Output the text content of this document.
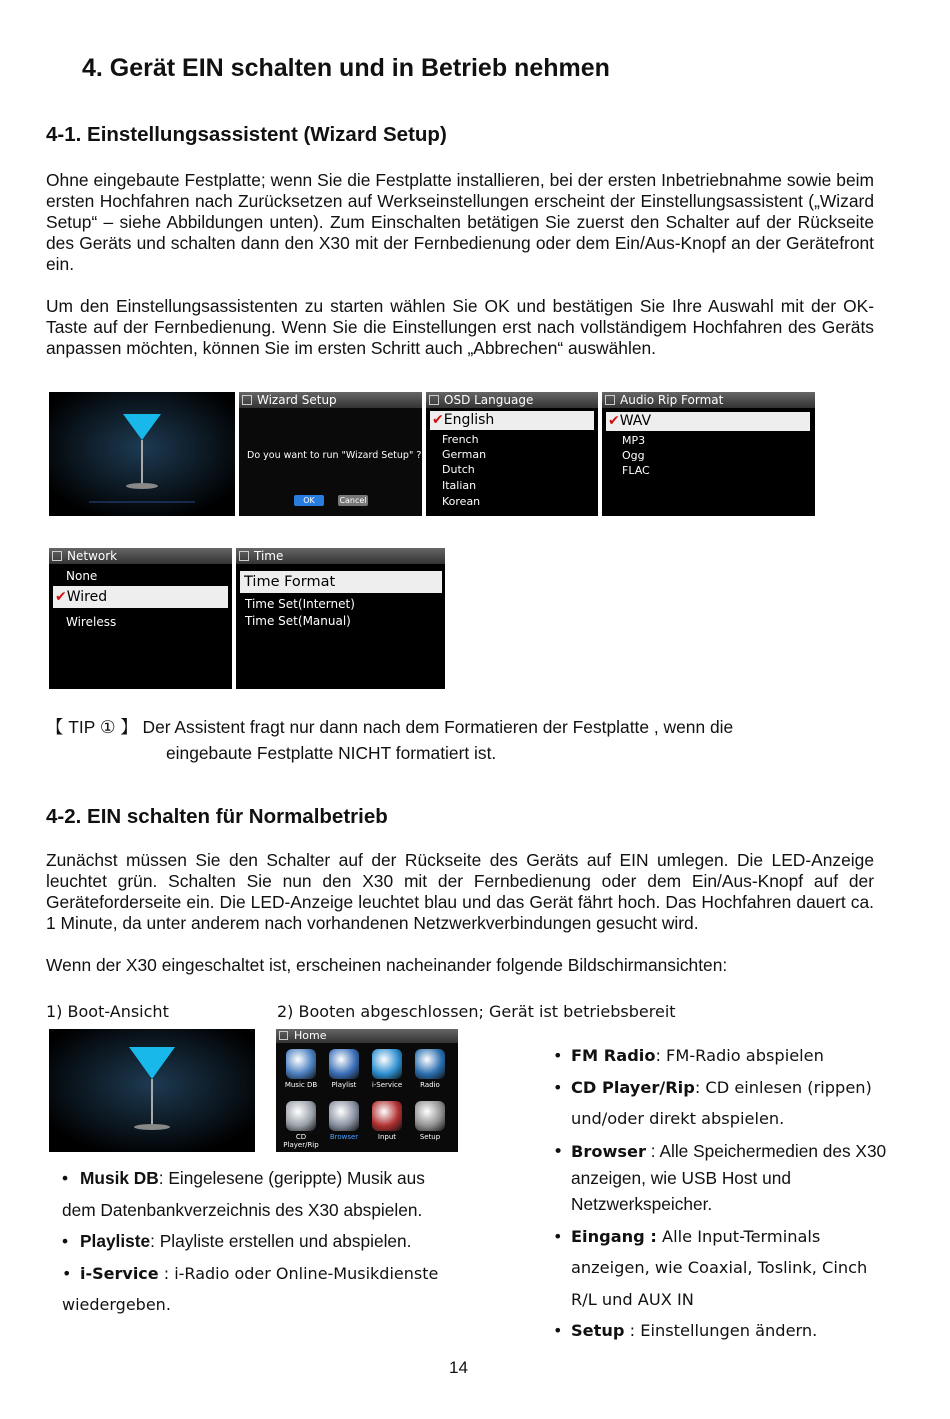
4. Gerät EIN schalten und in Betrieb nehmen
4-1. Einstellungsassistent (Wizard Setup)

Ohne eingebaute Festplatte; wenn Sie die Festplatte installieren, bei der ersten Inbetriebnahme sowie beim ersten Hochfahren nach Zurücksetzen auf Werkseinstellungen erscheint der Einstellungsassistent („Wizard Setup“ – siehe Abbildungen unten). Zum Einschalten betätigen Sie zuerst den Schalter auf der Rückseite des Geräts und schalten dann den X30 mit der Fernbedienung oder dem Ein/Aus-Knopf an der Gerätefront ein.

Um den Einstellungsassistenten zu starten wählen Sie OK und bestätigen Sie Ihre Auswahl mit der OK-Taste auf der Fernbedienung. Wenn Sie die Einstellungen erst nach vollständigem Hochfahren des Geräts anpassen möchten, können Sie im ersten Schritt auch „Abbrechen“ auswählen.

Wizard Setup
Do you want to run "Wizard Setup" ?
OK	Cancel
OSD Language
✔English
French
German
Dutch
Italian
Korean
Audio Rip Format
✔WAV
MP3
Ogg
FLAC
Network
None
✔Wired
Wireless
Time
Time Format
Time Set(Internet)
Time Set(Manual)
【 TIP ① 】 Der Assistent fragt nur dann nach dem Formatieren der Festplatte , wenn die
eingebaute Festplatte NICHT formatiert ist.
4-2. EIN schalten für Normalbetrieb

Zunächst müssen Sie den Schalter auf der Rückseite des Geräts auf EIN umlegen. Die LED-Anzeige leuchtet grün. Schalten Sie nun den X30 mit der Fernbedienung oder dem Ein/Aus-Knopf auf der Geräteforderseite ein. Die LED-Anzeige leuchtet blau und das Gerät fährt hoch. Das Hochfahren dauert ca. 1 Minute, da unter anderem nach vorhandenen Netzwerkverbindungen gesucht wird.

Wenn der X30 eingeschaltet ist, erscheinen nacheinander folgende Bildschirmansichten:

1) Boot-Ansicht	2) Booten abgeschlossen; Gerät ist betriebsbereit
Home
Music DB	Playlist	i-Service	Radio
CD Player/Rip
Browser	Input	Setup
• Musik DB: Eingelesene (gerippte) Musik aus
dem Datenbankverzeichnis des X30 abspielen.
• Playliste: Playliste erstellen und abspielen.
• i-Service : i-Radio oder Online-Musikdienste
wiedergeben.
• FM Radio: FM-Radio abspielen
• CD Player/Rip: CD einlesen (rippen)
und/oder direkt abspielen.
• Browser : Alle Speichermedien des X30
anzeigen, wie USB Host und
Netzwerkspeicher.
• Eingang : Alle Input-Terminals
anzeigen, wie Coaxial, Toslink, Cinch
R/L und AUX IN
• Setup : Einstellungen ändern.
14
